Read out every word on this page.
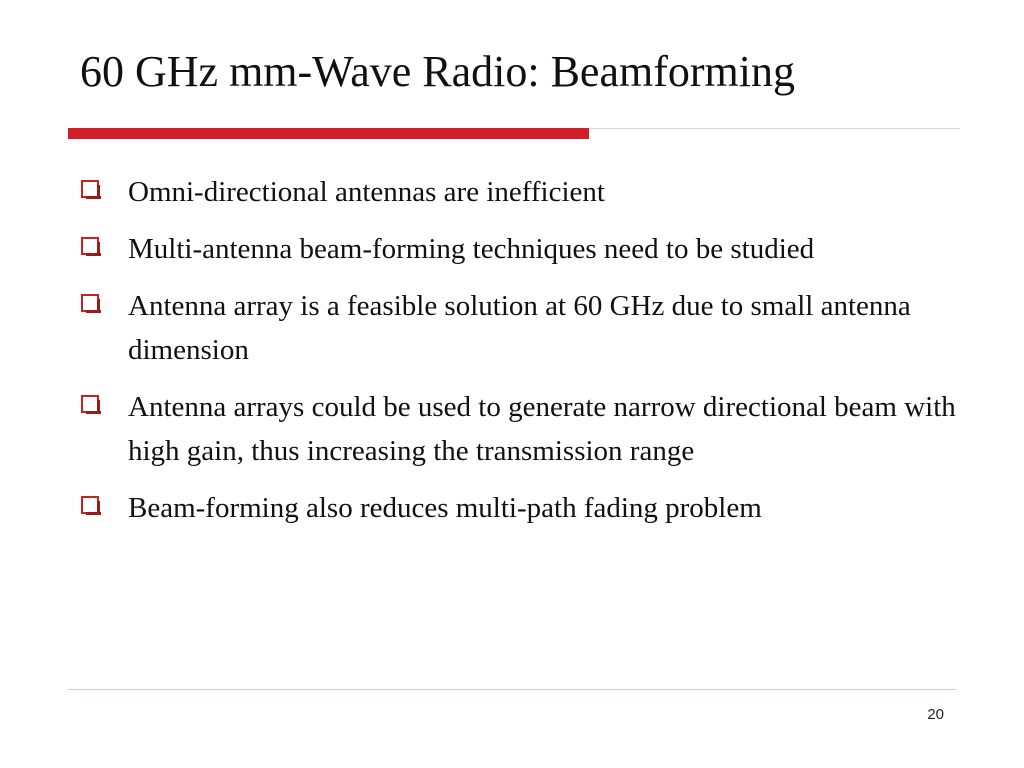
60 GHz mm-Wave Radio: Beamforming
Omni-directional antennas are inefficient
Multi-antenna beam-forming techniques need to be studied
Antenna array is a feasible solution at 60 GHz due to small antenna dimension
Antenna arrays could be used to generate narrow directional beam with high gain, thus increasing the transmission range
Beam-forming also reduces multi-path fading problem
20
